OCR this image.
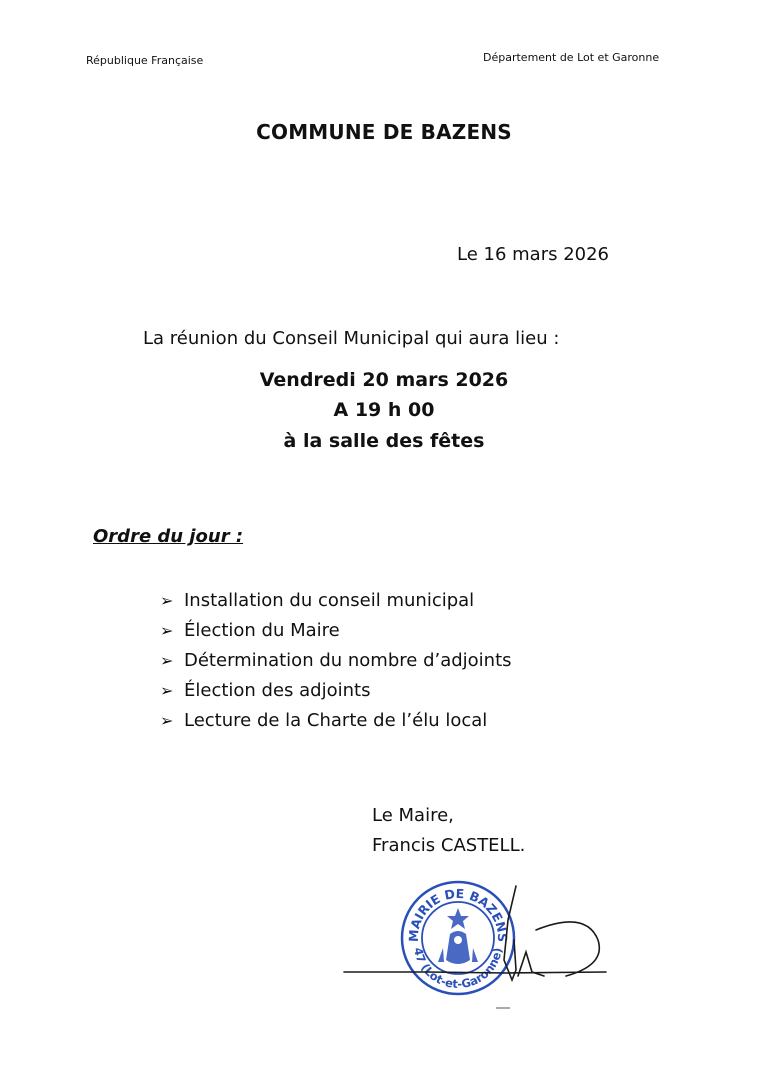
République Française	Département de Lot et Garonne
COMMUNE DE BAZENS
Le 16 mars 2026
La réunion du Conseil Municipal qui aura lieu :
Vendredi 20 mars 2026
A 19 h 00
à la salle des fêtes
Ordre du jour :
➢ Installation du conseil municipal
➢ Élection du Maire
➢ Détermination du nombre d’adjoints
➢ Élection des adjoints
➢ Lecture de la Charte de l’élu local
Le Maire,
Francis CASTELL.
MAIRIE DE BAZENS
47 (Lot-et-Garonne)
